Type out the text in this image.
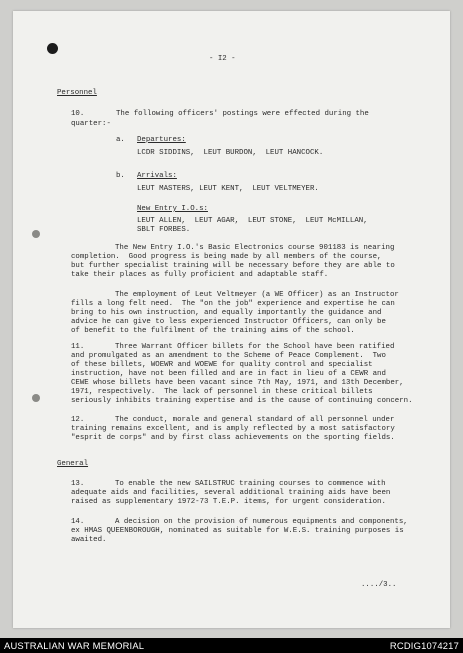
- I2 -

Personnel

10.	The following officers' postings were effected during the

quarter:-

a. Departures:

LCDR SIDDINS,  LEUT BURDON,  LEUT HANCOCK.

b. Arrivals:

LEUT MASTERS, LEUT KENT,  LEUT VELTMEYER.

New Entry I.O.s:

LEUT ALLEN,  LEUT AGAR,  LEUT STONE,  LEUT McMILLAN,

SBLT FORBES.

The New Entry I.O.'s Basic Electronics course 901183 is nearing

completion.  Good progress is being made by all members of the course,

but further specialist training will be necessary before they are able to

take their places as fully proficient and adaptable staff.

The employment of Leut Veltmeyer (a WE Officer) as an Instructor

fills a long felt need.  The "on the job" experience and expertise he can

bring to his own instruction, and equally importantly the guidance and

advice he can give to less experienced Instructor Officers, can only be

of benefit to the fulfilment of the training aims of the school.

11.	Three Warrant Officer billets for the School have been ratified

and promulgated as an amendment to the Scheme of Peace Complement.  Two

of these billets, WOEWR and WOEWE for quality control and specialist

instruction, have not been filled and are in fact in lieu of a CEWR and

CEWE whose billets have been vacant since 7th May, 1971, and 13th December,

1971, respectively.  The lack of personnel in these critical billets

seriously inhibits training expertise and is the cause of continuing concern.

12.	The conduct, morale and general standard of all personnel under

training remains excellent, and is amply reflected by a most satisfactory

"esprit de corps" and by first class achievements on the sporting fields.

General

13.	To enable the new SAILSTRUC training courses to commence with

adequate aids and facilities, several additional training aids have been

raised as supplementary 1972-73 T.E.P. items, for urgent consideration.

14.	A decision on the provision of numerous equipments and components,

ex HMAS QUEENBOROUGH, nominated as suitable for W.E.S. training purposes is

awaited.

..../3..

AUSTRALIAN WAR MEMORIAL	RCDIG1074217
